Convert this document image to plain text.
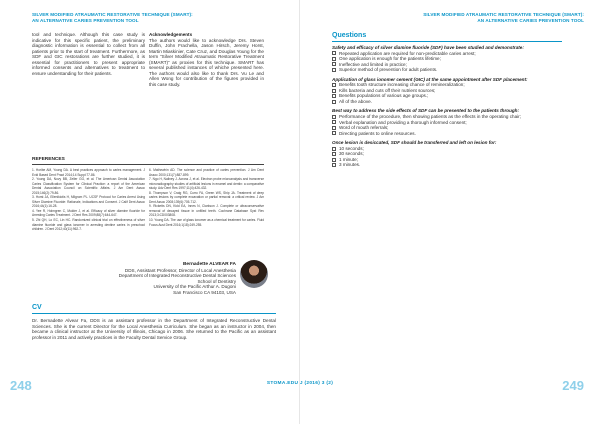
SILVER MODIFIED ATRAUMATIC RESTORATIVE TECHNIQUE (SMART):
AN ALTERNATIVE CARIES PREVENTION TOOL

tool and technique. Although this case study is indicative for this specific patient, the preliminary diagnostic information is essential to collect from all patients prior to the start of treatment. Furthermore, as SDF and GIC restorations are further studied, it is essential for practitioners to present appropriate informed consents and alternatives to treatment to ensure understanding for their patients.

Acknowledgements

The authors would like to acknowledge Drs. Steven Duffin, John Frachella, Jason Hirsch, Jeremy Horst, Martin Miaskinier, Cate Cruz, and Douglas Young for the term “Silver Modified Atraumatic Restorative Treatment (SMART)” as proxies for this technique. SMART has several published instances of whiche presented here. The authors would also like to thank Drs. Vu Le and Allen Wong for contribution of the figures provided in this case study.

REFERENCES

1. Horibe AM, Young DA. A best practices approach to caries management. J Evid Based Dent Pract 2014;14 Suppl:77-86.

2. Young DA, Novy BB, Zeller GG, et al. The American Dental Association Caries Classification System for Clinical Practice: a report of the American Dental Association Council on Scientific Affairs. J Am Dent Assoc 2015;146(2):79-86.

3. Horst JA, Ellenikiotis H, Milgrom PL. UCSF Protocol for Caries Arrest Using Silver Diamine Fluoride: Rationale, Indications and Consent. J Calif Dent Assoc 2016;44(1):16-28.

4. Yee R, Holmgren C, Mulder J, et al. Efficacy of silver diamine fluoride for Arresting Caries Treatment. J Dent Res 2009;88(7):644-647.

5. Zhi QH, Lo EC, Lin HC. Randomized clinical trial on effectiveness of silver diamine fluoride and glass ionomer in arresting dentine caries in preschool children. J Dent 2012;40(11):962-7.

6. Mathewhin AD. The science and practice of caries prevention. J Am Dent Assoc 2000;131(7):887-899.

7. Ngo H, Naliney J. Across J, et al. Electron probe microanalysis and transverse microradiography studies of artificial lesions in enamel and dentin: a comparative study. Adv Dent Res 1997;11(4):426-432.

8. Thompson V, Craig RG, Curro FA, Green WS, Ship JA. Treatment of deep caries lesions by complete excavation or partial removal: a critical review. J Am Dent Assoc 2008;139(6):705-712.

9. Ricketts DN, Kidd EA, Innes N, Clarkson J. Complete or ultraconservative removal of decayed tissue in unfilled teeth. Cochrane Database Syst Rev 2013;3:CD003808.

10. Young DA. The use of glass ionomer as a chemical treatment for caries. Fluid Focus Aust Dent 2016;1(18):249-255.

Bernadette ALVEAR FA
DDS, Assistant Professor, Director of Local Anesthesia
Department of Integrated Reconstructive Dental Sciences
School of Dentistry
University of the Pacific Arthur A. Dugoni
San Francisco CA 94103, USA
CV

Dr. Bernadette Alvear Fa, DDS is an assistant professor in the Department of Integrated Reconstructive Dental Sciences. She is the current Director for the Local Anesthesia Curriculum. She began as an instructor in 2004, then became a clinical instructor at the University of Illinois, Chicago in 2006. She returned to the Pacific as an assistant professor in 2011 and actively practices in the Faculty Dental Service Group.

248
SILVER MODIFIED ATRAUMATIC RESTORATIVE TECHNIQUE (SMART):
AN ALTERNATIVE CARIES PREVENTION TOOL
Questions
Safety and efficacy of silver diamine fluoride (SDF) have been studied and demonstrate:
Repeated application are required for non-predictable caries arrest;
One application is enough for the patients lifetime;
Ineffective and limited in practice;
Superior method of prevention for adult patients.
Application of glass ionomer cement (GIC) at the same appointment after SDF placement:
Benefits tooth structure increasing chance of remineralization;
Kills bacteria and cuts off their nutrient sources;
Benefits populations of various age groups.;
All of the above.
Best way to address the side effects of SDF can be presented to the patients through:
Performance of the procedure, then showing patients as the effects in the operating chair;
Verbal explanation and providing a thorough informed consent;
Word of mouth referrals;
Directing patients to online resources.
Once lesion is desiccated, SDF should be transferred and left on lesion for:
10 seconds;
30 seconds;
1 minute;
3 minutes.
249
STOMA.EDU J (2016) 3 (2)
